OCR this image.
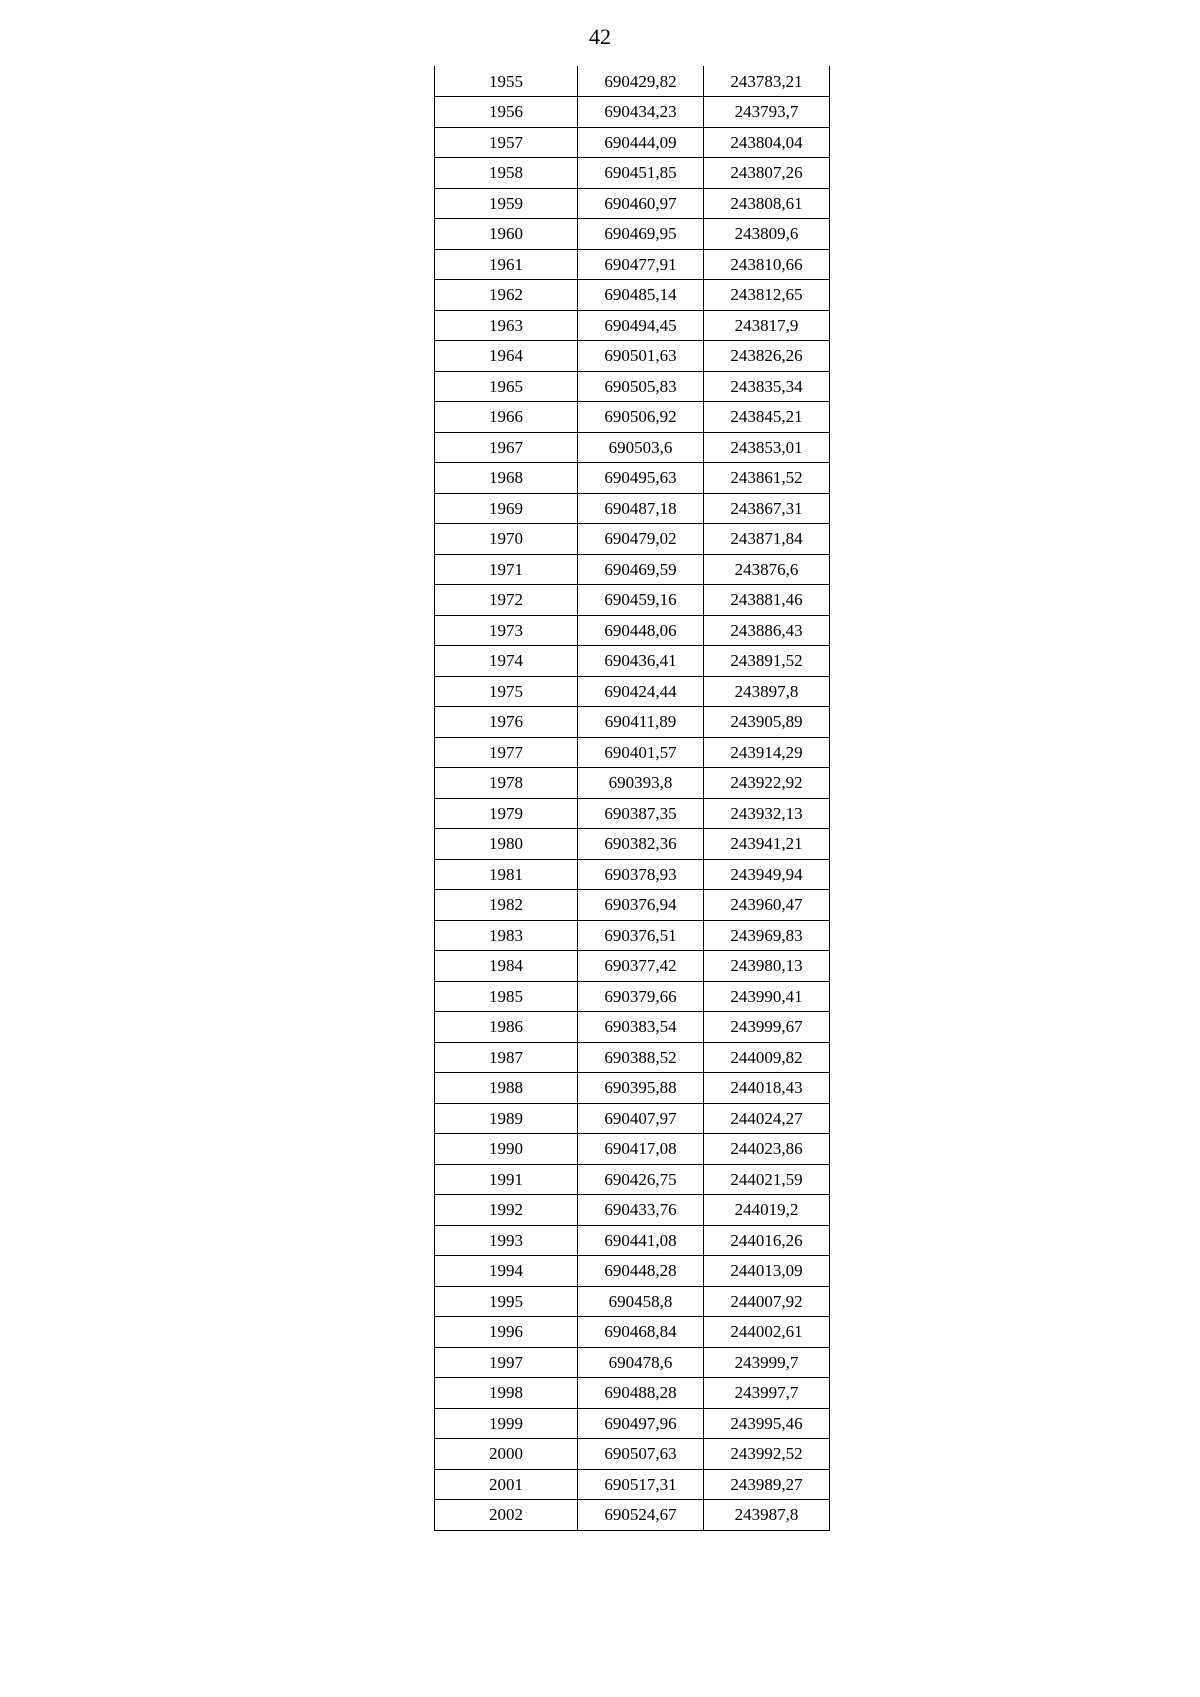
42
1955	690429,82	243783,21
1956	690434,23	243793,7
1957	690444,09	243804,04
1958	690451,85	243807,26
1959	690460,97	243808,61
1960	690469,95	243809,6
1961	690477,91	243810,66
1962	690485,14	243812,65
1963	690494,45	243817,9
1964	690501,63	243826,26
1965	690505,83	243835,34
1966	690506,92	243845,21
1967	690503,6	243853,01
1968	690495,63	243861,52
1969	690487,18	243867,31
1970	690479,02	243871,84
1971	690469,59	243876,6
1972	690459,16	243881,46
1973	690448,06	243886,43
1974	690436,41	243891,52
1975	690424,44	243897,8
1976	690411,89	243905,89
1977	690401,57	243914,29
1978	690393,8	243922,92
1979	690387,35	243932,13
1980	690382,36	243941,21
1981	690378,93	243949,94
1982	690376,94	243960,47
1983	690376,51	243969,83
1984	690377,42	243980,13
1985	690379,66	243990,41
1986	690383,54	243999,67
1987	690388,52	244009,82
1988	690395,88	244018,43
1989	690407,97	244024,27
1990	690417,08	244023,86
1991	690426,75	244021,59
1992	690433,76	244019,2
1993	690441,08	244016,26
1994	690448,28	244013,09
1995	690458,8	244007,92
1996	690468,84	244002,61
1997	690478,6	243999,7
1998	690488,28	243997,7
1999	690497,96	243995,46
2000	690507,63	243992,52
2001	690517,31	243989,27
2002	690524,67	243987,8
